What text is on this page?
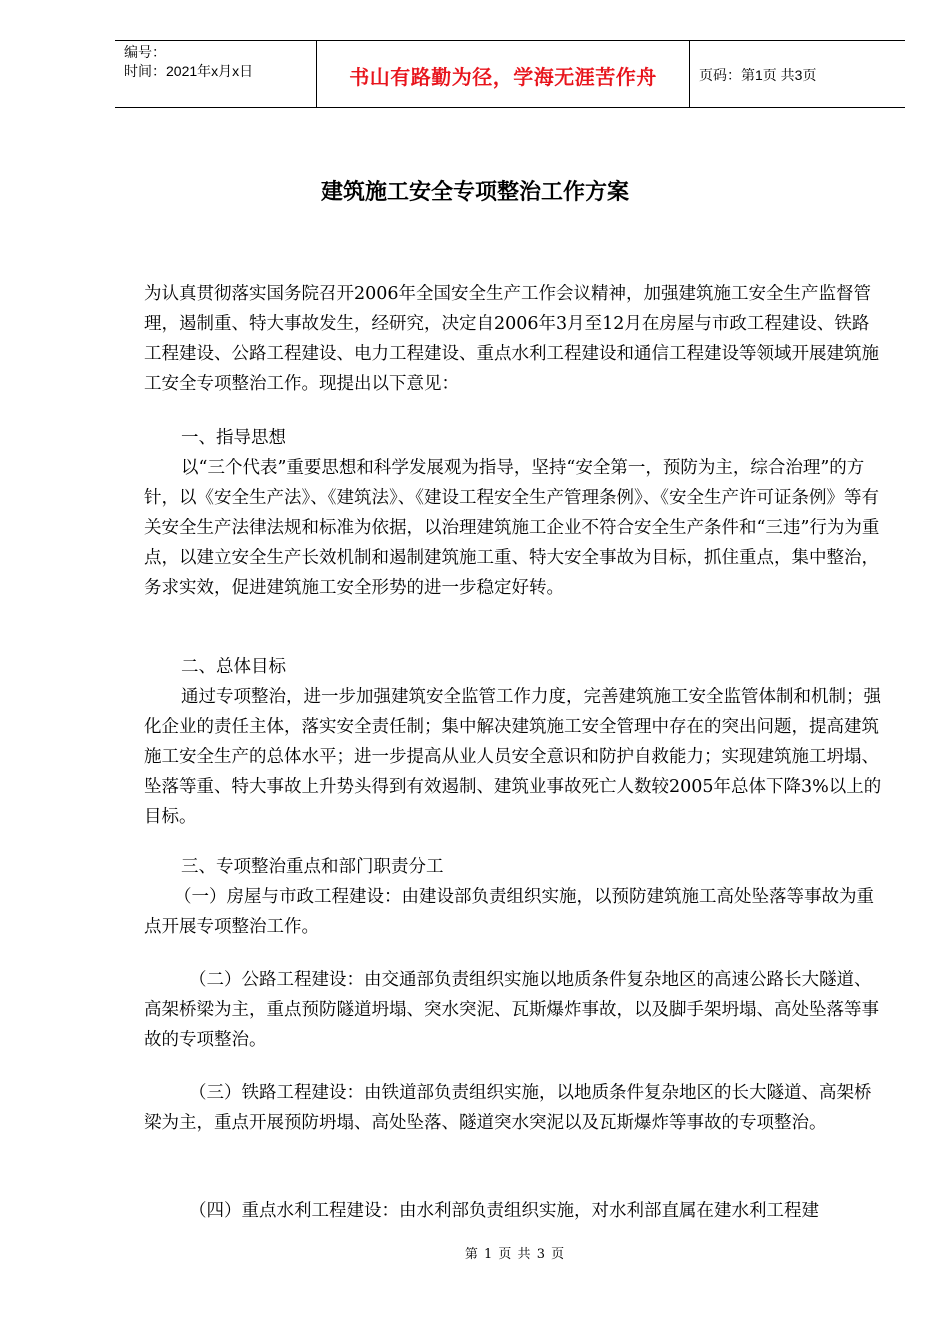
编号：
时间：2021年x月x日	书山有路勤为径，学海无涯苦作舟	页码：第1页 共3页
建筑施工安全专项整治工作方案

为认真贯彻落实国务院召开2006年全国安全生产工作会议精神，加强建筑施工安全生产监督管理，遏制重、特大事故发生，经研究，决定自2006年3月至12月在房屋与市政工程建设、铁路工程建设、公路工程建设、电力工程建设、重点水利工程建设和通信工程建设等领域开展建筑施工安全专项整治工作。现提出以下意见：

一、指导思想

以“三个代表”重要思想和科学发展观为指导，坚持“安全第一，预防为主，综合治理”的方针，以《安全生产法》、《建筑法》、《建设工程安全生产管理条例》、《安全生产许可证条例》等有关安全生产法律法规和标准为依据，以治理建筑施工企业不符合安全生产条件和“三违”行为为重点，以建立安全生产长效机制和遏制建筑施工重、特大安全事故为目标，抓住重点，集中整治，务求实效，促进建筑施工安全形势的进一步稳定好转。

二、总体目标

通过专项整治，进一步加强建筑安全监管工作力度，完善建筑施工安全监管体制和机制；强化企业的责任主体，落实安全责任制；集中解决建筑施工安全管理中存在的突出问题，提高建筑施工安全生产的总体水平；进一步提高从业人员安全意识和防护自救能力；实现建筑施工坍塌、坠落等重、特大事故上升势头得到有效遏制、建筑业事故死亡人数较2005年总体下降3%以上的目标。

三、专项整治重点和部门职责分工

（一）房屋与市政工程建设：由建设部负责组织实施，以预防建筑施工高处坠落等事故为重点开展专项整治工作。

（二）公路工程建设：由交通部负责组织实施以地质条件复杂地区的高速公路长大隧道、高架桥梁为主，重点预防隧道坍塌、突水突泥、瓦斯爆炸事故，以及脚手架坍塌、高处坠落等事故的专项整治。

（三）铁路工程建设：由铁道部负责组织实施，以地质条件复杂地区的长大隧道、高架桥梁为主，重点开展预防坍塌、高处坠落、隧道突水突泥以及瓦斯爆炸等事故的专项整治。

（四）重点水利工程建设：由水利部负责组织实施，对水利部直属在建水利工程建

第 1 页 共 3 页
